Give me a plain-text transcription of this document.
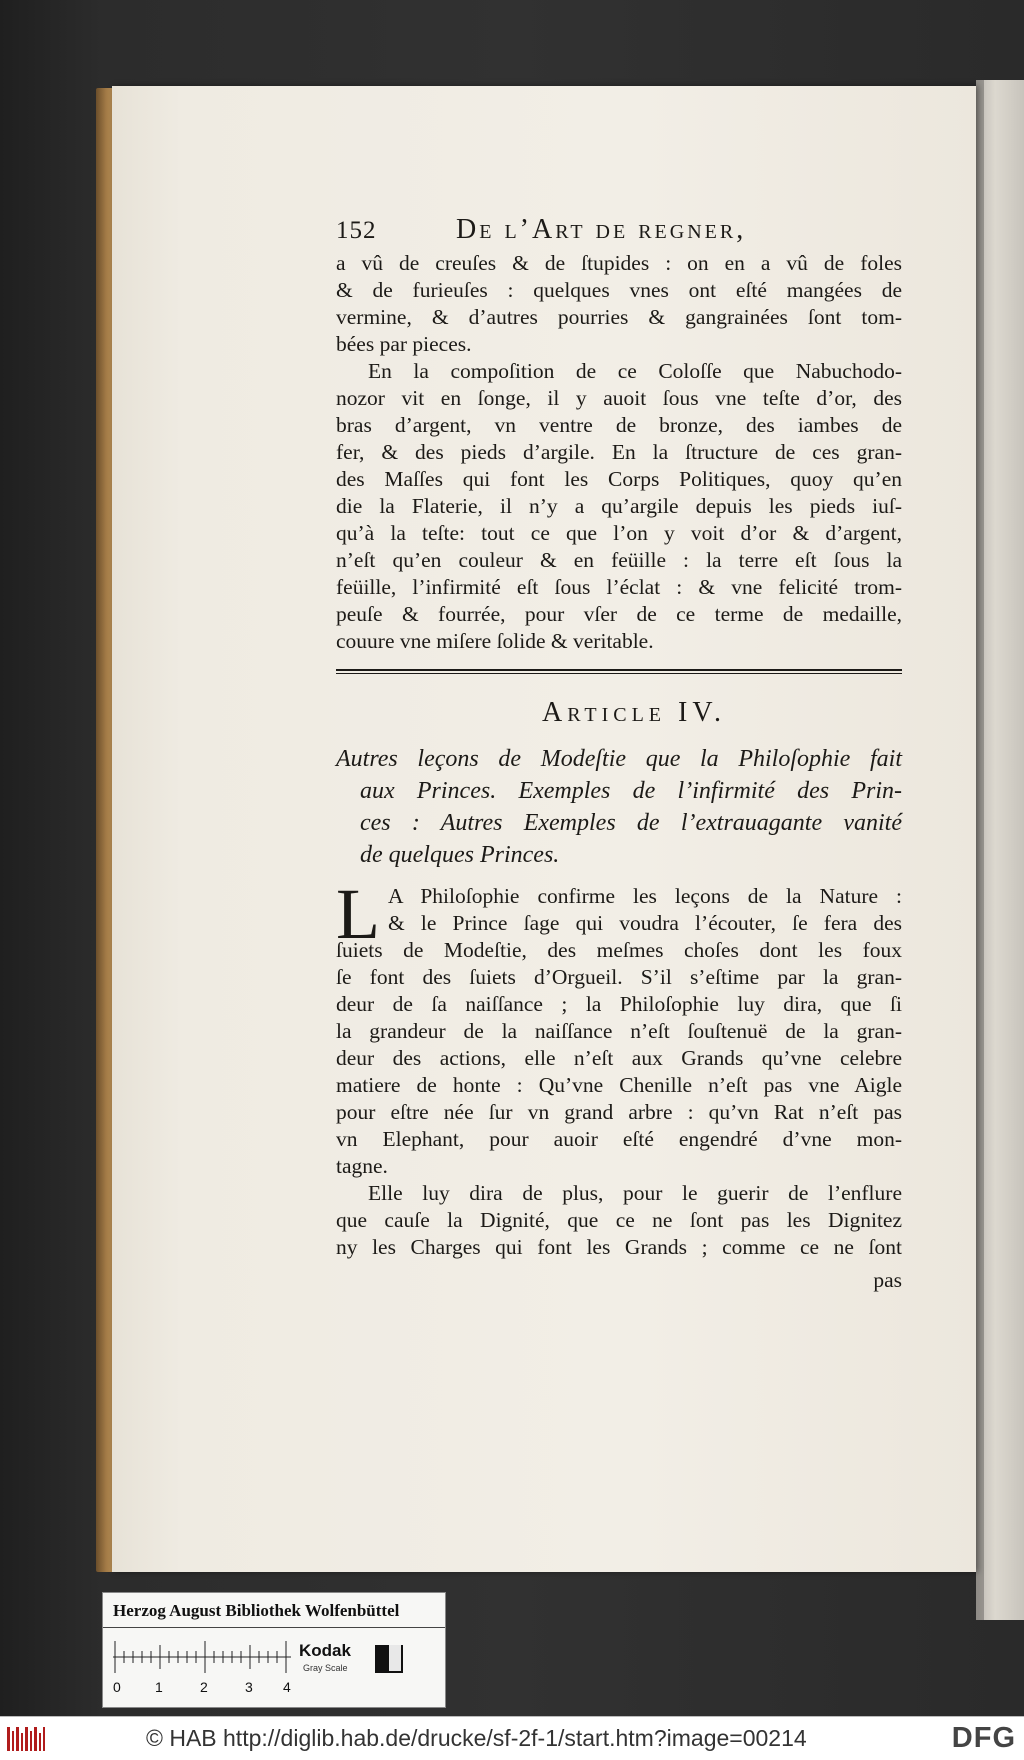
152	De l’Art de regner,
a vû de creuſes & de ſtupides : on en a vû de foles
& de furieuſes : quelques vnes ont eſté mangées de
vermine, & d’autres pourries & gangrainées ſont tom-
bées par pieces.
En la compoſition de ce Coloſſe que Nabuchodo-
nozor vit en ſonge, il y auoit ſous vne teſte d’or, des
bras d’argent, vn ventre de bronze, des iambes de
fer, & des pieds d’argile. En la ſtructure de ces gran-
des Maſſes qui font les Corps Politiques, quoy qu’en
die la Flaterie, il n’y a qu’argile depuis les pieds iuſ-
qu’à la teſte: tout ce que l’on y voit d’or & d’argent,
n’eſt qu’en couleur & en feüille : la terre eſt ſous la
feüille, l’infirmité eſt ſous l’éclat : & vne felicité trom-
peuſe & fourrée, pour vſer de ce terme de medaille,
couure vne miſere ſolide & veritable.
Article IV.
Autres leçons de Modeſtie que la Philoſophie fait
aux Princes. Exemples de l’infirmité des Prin-
ces : Autres Exemples de l’extrauagante vanité
de quelques Princes.
L A Philoſophie confirme les leçons de la Nature :
& le Prince ſage qui voudra l’écouter, ſe fera des
ſuiets de Modeſtie, des meſmes choſes dont les foux
ſe font des ſuiets d’Orgueil. S’il s’eſtime par la gran-
deur de ſa naiſſance ; la Philoſophie luy dira, que ſi
la grandeur de la naiſſance n’eſt ſouſtenuë de la gran-
deur des actions, elle n’eſt aux Grands qu’vne celebre
matiere de honte : Qu’vne Chenille n’eſt pas vne Aigle
pour eſtre née ſur vn grand arbre : qu’vn Rat n’eſt pas
vn Elephant, pour auoir eſté engendré d’vne mon-
tagne.
Elle luy dira de plus, pour le guerir de l’enflure
que cauſe la Dignité, que ce ne ſont pas les Dignitez
ny les Charges qui font les Grands ; comme ce ne ſont
pas
Herzog August Bibliothek Wolfenbüttel
0 1	2	3 4
Kodak
Gray Scale
© HAB http://diglib.hab.de/drucke/sf-2f-1/start.htm?image=00214	DFG
